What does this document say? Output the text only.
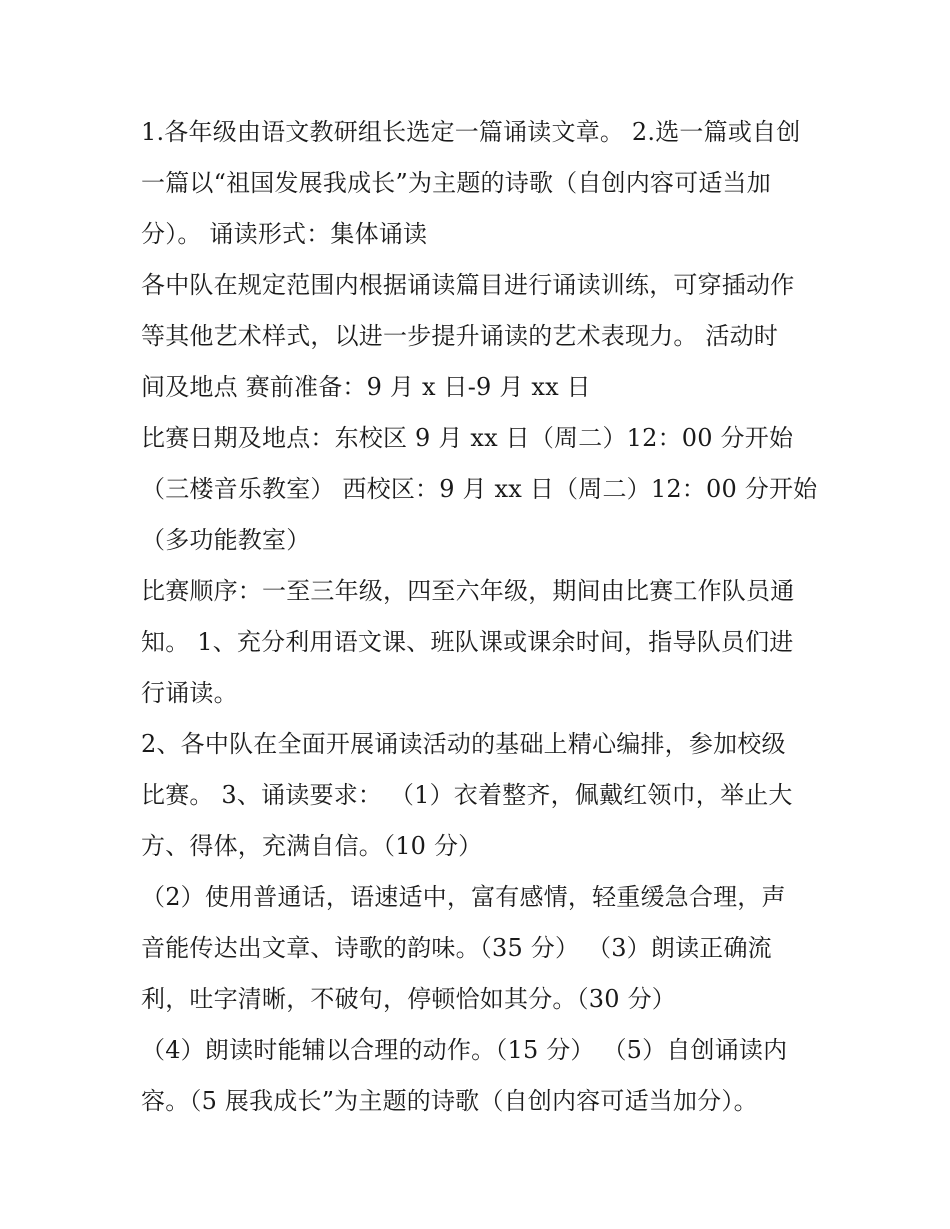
1.各年级由语文教研组长选定一篇诵读文章。 2.选一篇或自创
一篇以“祖国发展我成长”为主题的诗歌（自创内容可适当加
分）。 诵读形式：集体诵读
各中队在规定范围内根据诵读篇目进行诵读训练，可穿插动作
等其他艺术样式，以进一步提升诵读的艺术表现力。 活动时
间及地点 赛前准备：9 月 x 日-9 月 xx 日
比赛日期及地点：东校区 9 月 xx 日（周二）12：00 分开始
（三楼音乐教室） 西校区：9 月 xx 日（周二）12：00 分开始
（多功能教室）
比赛顺序：一至三年级，四至六年级，期间由比赛工作队员通
知。 1、充分利用语文课、班队课或课余时间，指导队员们进
行诵读。
2、各中队在全面开展诵读活动的基础上精心编排，参加校级
比赛。 3、诵读要求： （1）衣着整齐，佩戴红领巾，举止大
方、得体，充满自信。（10 分）
（2）使用普通话，语速适中，富有感情，轻重缓急合理，声
音能传达出文章、诗歌的韵味。（35 分） （3）朗读正确流
利，吐字清晰，不破句，停顿恰如其分。（30 分）
（4）朗读时能辅以合理的动作。（15 分） （5）自创诵读内
容。（5 展我成长”为主题的诗歌（自创内容可适当加分）。
